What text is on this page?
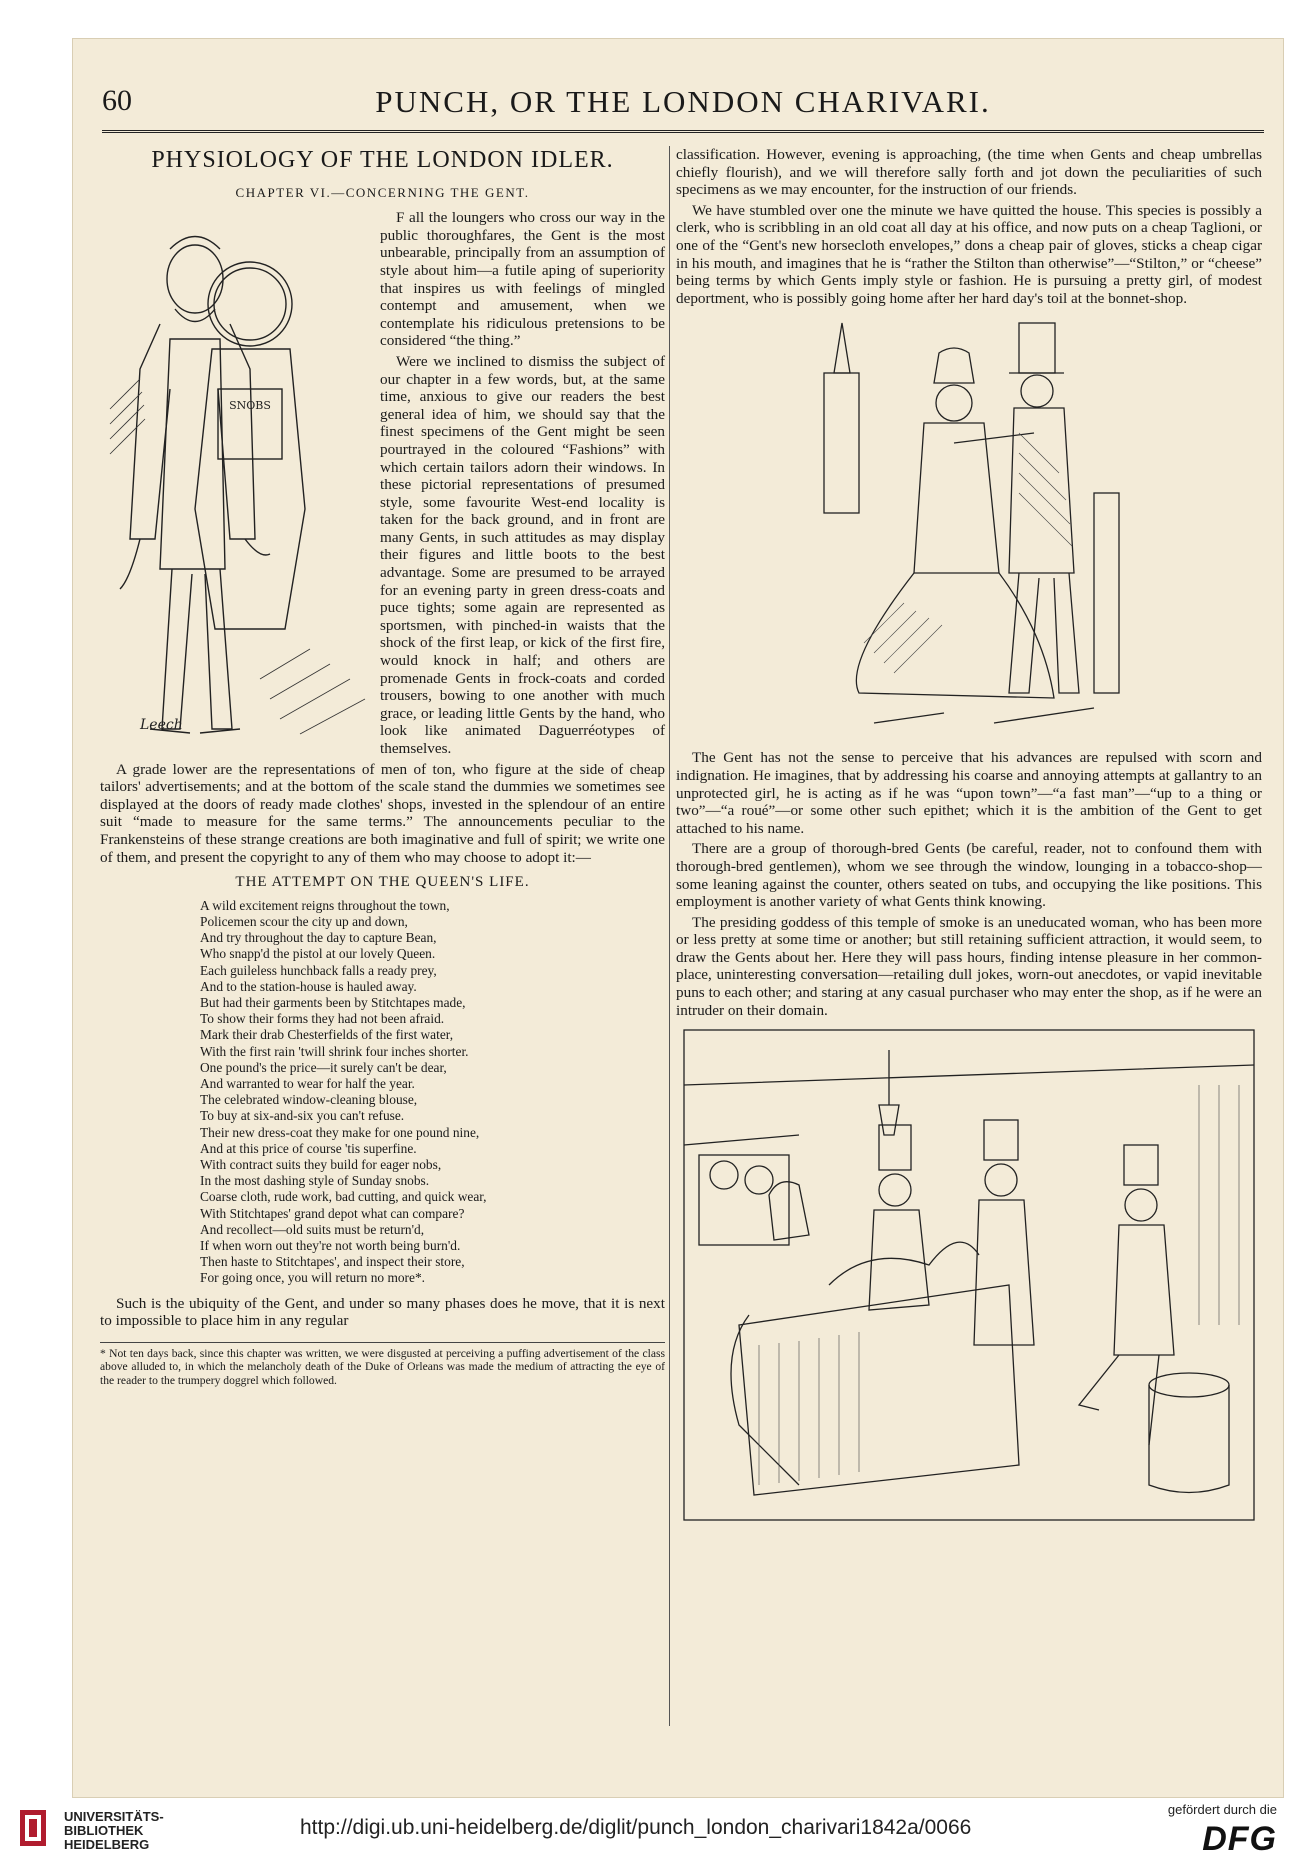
60	PUNCH, OR THE LONDON CHARIVARI.
PHYSIOLOGY OF THE LONDON IDLER.
CHAPTER VI.—CONCERNING THE GENT.
SNOBS
Leech

F all the loungers who cross our way in the public thoroughfares, the Gent is the most unbearable, principally from an assumption of style about him—a futile aping of superiority that inspires us with feelings of mingled contempt and amusement, when we contemplate his ridiculous pretensions to be considered “the thing.”

Were we inclined to dismiss the subject of our chapter in a few words, but, at the same time, anxious to give our readers the best general idea of him, we should say that the finest specimens of the Gent might be seen pourtrayed in the coloured “Fashions” with which certain tailors adorn their windows. In these pictorial representations of presumed style, some favourite West-end locality is taken for the back ground, and in front are many Gents, in such attitudes as may display their figures and little boots to the best advantage. Some are presumed to be arrayed for an evening party in green dress-coats and puce tights; some again are represented as sportsmen, with pinched-in waists that the shock of the first leap, or kick of the first fire, would knock in half; and others are promenade Gents in frock-coats and corded trousers, bowing to one another with much grace, or leading little Gents by the hand, who look like animated Daguerréotypes of themselves.

A grade lower are the representations of men of ton, who figure at the side of cheap tailors' advertisements; and at the bottom of the scale stand the dummies we sometimes see displayed at the doors of ready made clothes' shops, invested in the splendour of an entire suit “made to measure for the same terms.” The announcements peculiar to the Frankensteins of these strange creations are both imaginative and full of spirit; we write one of them, and present the copyright to any of them who may choose to adopt it:—

THE ATTEMPT ON THE QUEEN'S LIFE.
A wild excitement reigns throughout the town,
Policemen scour the city up and down,
And try throughout the day to capture Bean,
Who snapp'd the pistol at our lovely Queen.
Each guileless hunchback falls a ready prey,
And to the station-house is hauled away.
But had their garments been by Stitchtapes made,
To show their forms they had not been afraid.
Mark their drab Chesterfields of the first water,
With the first rain 'twill shrink four inches shorter.
One pound's the price—it surely can't be dear,
And warranted to wear for half the year.
The celebrated window-cleaning blouse,
To buy at six-and-six you can't refuse.
Their new dress-coat they make for one pound nine,
And at this price of course 'tis superfine.
With contract suits they build for eager nobs,
In the most dashing style of Sunday snobs.
Coarse cloth, rude work, bad cutting, and quick wear,
With Stitchtapes' grand depot what can compare?
And recollect—old suits must be return'd,
If when worn out they're not worth being burn'd.
Then haste to Stitchtapes', and inspect their store,
For going once, you will return no more*.

Such is the ubiquity of the Gent, and under so many phases does he move, that it is next to impossible to place him in any regular

* Not ten days back, since this chapter was written, we were disgusted at perceiving a puffing advertisement of the class above alluded to, in which the melancholy death of the Duke of Orleans was made the medium of attracting the eye of the reader to the trumpery doggrel which followed.

classification. However, evening is approaching, (the time when Gents and cheap umbrellas chiefly flourish), and we will therefore sally forth and jot down the peculiarities of such specimens as we may encounter, for the instruction of our friends.

We have stumbled over one the minute we have quitted the house. This species is possibly a clerk, who is scribbling in an old coat all day at his office, and now puts on a cheap Taglioni, or one of the “Gent's new horsecloth envelopes,” dons a cheap pair of gloves, sticks a cheap cigar in his mouth, and imagines that he is “rather the Stilton than otherwise”—“Stilton,” or “cheese” being terms by which Gents imply style or fashion. He is pursuing a pretty girl, of modest deportment, who is possibly going home after her hard day's toil at the bonnet-shop.

The Gent has not the sense to perceive that his advances are repulsed with scorn and indignation. He imagines, that by addressing his coarse and annoying attempts at gallantry to an unprotected girl, he is acting as if he was “upon town”—“a fast man”—“up to a thing or two”—“a roué”—or some other such epithet; which it is the ambition of the Gent to get attached to his name.

There are a group of thorough-bred Gents (be careful, reader, not to confound them with thorough-bred gentlemen), whom we see through the window, lounging in a tobacco-shop—some leaning against the counter, others seated on tubs, and occupying the like positions. This employment is another variety of what Gents think knowing.

The presiding goddess of this temple of smoke is an uneducated woman, who has been more or less pretty at some time or another; but still retaining sufficient attraction, it would seem, to draw the Gents about her. Here they will pass hours, finding intense pleasure in her common-place, uninteresting conversation—retailing dull jokes, worn-out anecdotes, or vapid inevitable puns to each other; and staring at any casual purchaser who may enter the shop, as if he were an intruder on their domain.

UNIVERSITÄTS-
BIBLIOTHEK
HEIDELBERG
http://digi.ub.uni-heidelberg.de/diglit/punch_london_charivari1842a/0066
gefördert durch die
DFG
